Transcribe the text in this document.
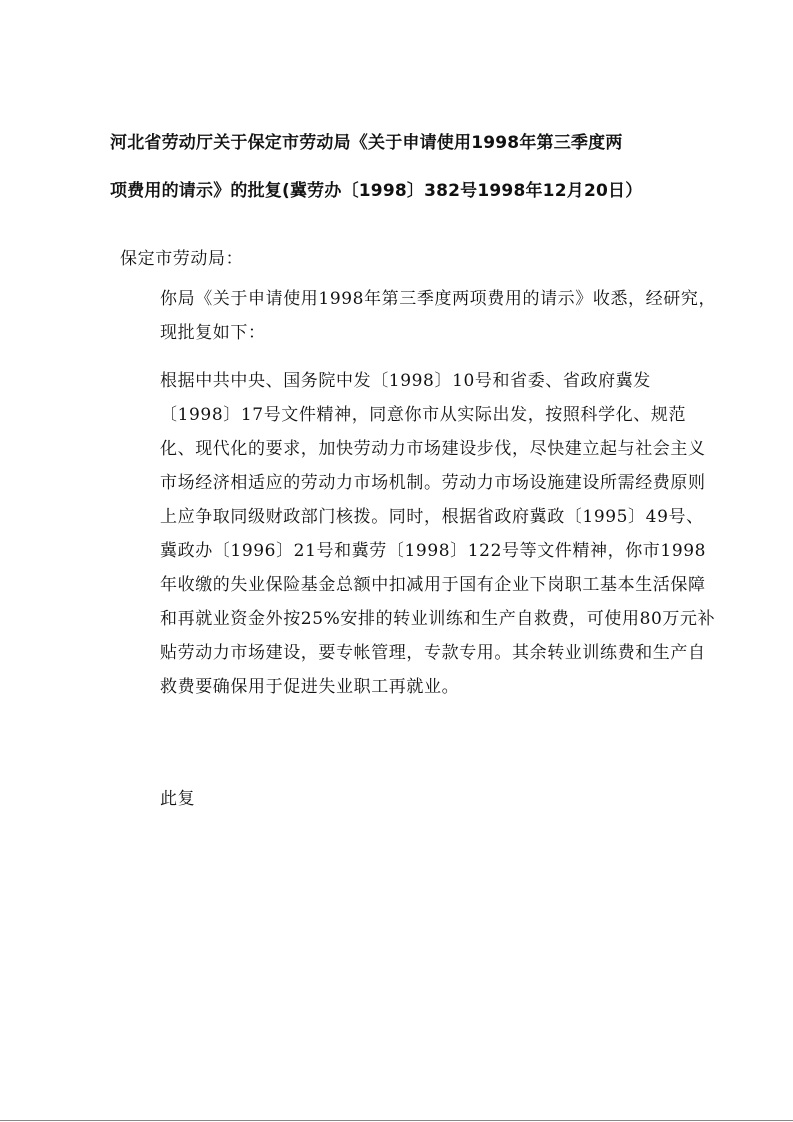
河北省劳动厅关于保定市劳动局《关于申请使用1998年第三季度两
项费用的请示》的批复(冀劳办〔1998〕382号1998年12月20日）
保定市劳动局：
你局《关于申请使用1998年第三季度两项费用的请示》收悉，经研究，现批复如下：
根据中共中央、国务院中发〔1998〕10号和省委、省政府冀发〔1998〕17号文件精神，同意你市从实际出发，按照科学化、规范化、现代化的要求，加快劳动力市场建设步伐，尽快建立起与社会主义市场经济相适应的劳动力市场机制。劳动力市场设施建设所需经费原则上应争取同级财政部门核拨。同时，根据省政府冀政〔1995〕49号、冀政办〔1996〕21号和冀劳〔1998〕122号等文件精神，你市1998年收缴的失业保险基金总额中扣减用于国有企业下岗职工基本生活保障和再就业资金外按25%安排的转业训练和生产自救费，可使用80万元补贴劳动力市场建设，要专帐管理，专款专用。其余转业训练费和生产自救费要确保用于促进失业职工再就业。
此复
